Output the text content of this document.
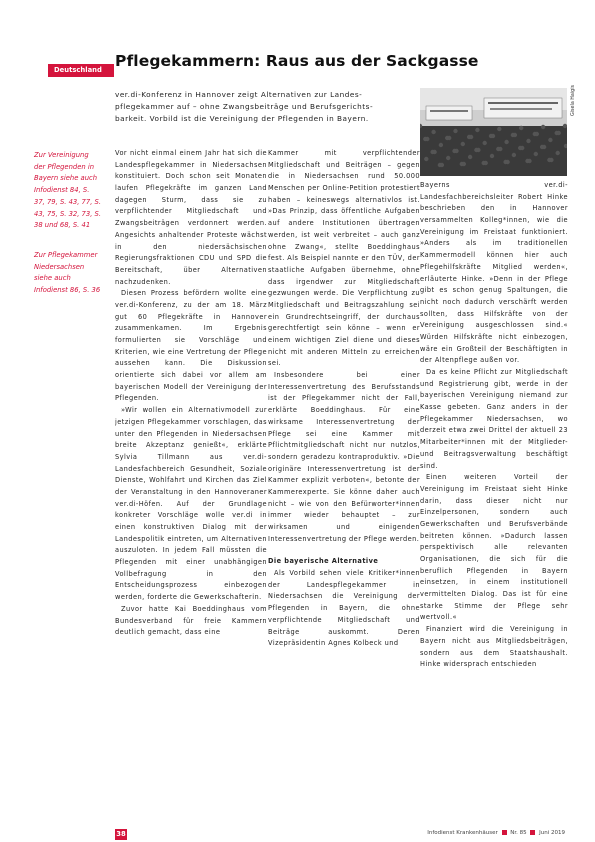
Pflegekammern: Raus aus der Sackgasse
Deutschland

ver.di-Konferenz in Hannover zeigt Alternativen zur Landes-pflegekammer auf – ohne Zwangsbeiträge und Berufsgerichts-barkeit. Vorbild ist die Vereinigung der Pflegenden in Bayern.

Zur Vereinigung der Pflegenden in Bayern siehe auch Infodienst 84, S. 37, 79, S. 43, 77, S. 43, 75, S. 32, 73, S. 38 und 68, S. 41

Zur Pflegekammer Niedersachsen siehe auch Infodienst 86, S. 36

Gisela Haigis

Vor nicht einmal einem Jahr hat sich die Landespflegekammer in Niedersachsen konstituiert. Doch schon seit Monaten laufen Pflegekräfte im ganzen Land dagegen Sturm, dass sie zu verpflichtender Mitgliedschaft und Zwangsbeiträgen verdonnert werden. Angesichts anhaltender Proteste wächst in den niedersächsischen Regierungsfraktionen CDU und SPD die Bereitschaft, über Alternativen nachzudenken.

Diesen Prozess befördern wollte eine ver.di-Konferenz, zu der am 18. März gut 60 Pflegekräfte in Hannover zusammenkamen. Im Ergebnis formulierten sie Vorschläge und Kriterien, wie eine Vertretung der Pflege aussehen kann. Die Diskussion orientierte sich dabei vor allem am bayerischen Modell der Vereinigung der Pflegenden.

»Wir wollen ein Alternativmodell zur jetzigen Pflegekammer vorschlagen, das unter den Pflegenden in Niedersachsen breite Akzeptanz genießt«, erklärte Sylvia Tillmann aus ver.di-Landesfachbereich Gesundheit, Soziale Dienste, Wohlfahrt und Kirchen das Ziel der Veranstaltung in den Hannoveraner ver.di-Höfen. Auf der Grundlage konkreter Vorschläge wolle ver.di in einen konstruktiven Dialog mit der Landespolitik eintreten, um Alternativen auszuloten. In jedem Fall müssten die Pflegenden mit einer unabhängigen Vollbefragung in den Entscheidungsprozess einbezogen werden, forderte die Gewerkschafterin.

Zuvor hatte Kai Boeddinghaus vom Bundesverband für freie Kammern deutlich gemacht, dass eine

Kammer mit verpflichtender Mitgliedschaft und Beiträgen – gegen die in Niedersachsen rund 50.000 Menschen per Online-Petition protestiert haben – keineswegs alternativlos ist. »Das Prinzip, dass öffentliche Aufgaben auf andere Institutionen übertragen werden, ist weit verbreitet – auch ganz ohne Zwang«, stellte Boeddinghaus fest. Als Beispiel nannte er den TÜV, der staatliche Aufgaben übernehme, ohne dass irgendwer zur Mitgliedschaft gezwungen werde. Die Verpflichtung zu Mitgliedschaft und Beitragszahlung sei ein Grundrechtseingriff, der durchaus gerechtfertigt sein könne – wenn er einem wichtigen Ziel diene und dieses nicht mit anderen Mitteln zu erreichen sei.

Insbesondere bei einer Interessenvertretung des Berufsstands ist der Pflegekammer nicht der Fall, erklärte Boeddinghaus. Für eine wirksame Interessenvertretung der Pflege sei eine Kammer mit Pflichtmitgliedschaft nicht nur nutzlos, sondern geradezu kontraproduktiv. »Die originäre Interessenvertretung ist der Kammer explizit verboten«, betonte der Kammerexperte. Sie könne daher auch nicht – wie von den Befürworter*innen immer wieder behauptet – zur wirksamen und einigenden Interessenvertretung der Pflege werden.

Die bayerische Alternative

Als Vorbild sehen viele Kritiker*innen der Landespflegekammer in Niedersachsen die Vereinigung der Pflegenden in Bayern, die ohne verpflichtende Mitgliedschaft und Beiträge auskommt. Deren Vizepräsidentin Agnes Kolbeck und

Bayerns ver.di-Landesfachbereichsleiter Robert Hinke beschrieben den in Hannover versammelten Kolleg*innen, wie die Vereinigung im Freistaat funktioniert. »Anders als im traditionellen Kammermodell können hier auch Pflegehilfskräfte Mitglied werden«, erläuterte Hinke. »Denn in der Pflege gibt es schon genug Spaltungen, die nicht noch dadurch verschärft werden sollten, dass Hilfskräfte von der Vereinigung ausgeschlossen sind.« Würden Hilfskräfte nicht einbezogen, wäre ein Großteil der Beschäftigten in der Altenpflege außen vor.

Da es keine Pflicht zur Mitgliedschaft und Registrierung gibt, werde in der bayerischen Vereinigung niemand zur Kasse gebeten. Ganz anders in der Pflegekammer Niedersachsen, wo derzeit etwa zwei Drittel der aktuell 23 Mitarbeiter*innen mit der Mitglieder- und Beitragsverwaltung beschäftigt sind.

Einen weiteren Vorteil der Vereinigung im Freistaat sieht Hinke darin, dass dieser nicht nur Einzelpersonen, sondern auch Gewerkschaften und Berufsverbände beitreten können. »Dadurch lassen perspektivisch alle relevanten Organisationen, die sich für die beruflich Pflegenden in Bayern einsetzen, in einem institutionell vermittelten Dialog. Das ist für eine starke Stimme der Pflege sehr wertvoll.«

Finanziert wird die Vereinigung in Bayern nicht aus Mitgliedsbeiträgen, sondern aus dem Staatshaushalt. Hinke widersprach entschieden

38	Infodienst Krankenhäuser Nr. 85 Juni 2019
